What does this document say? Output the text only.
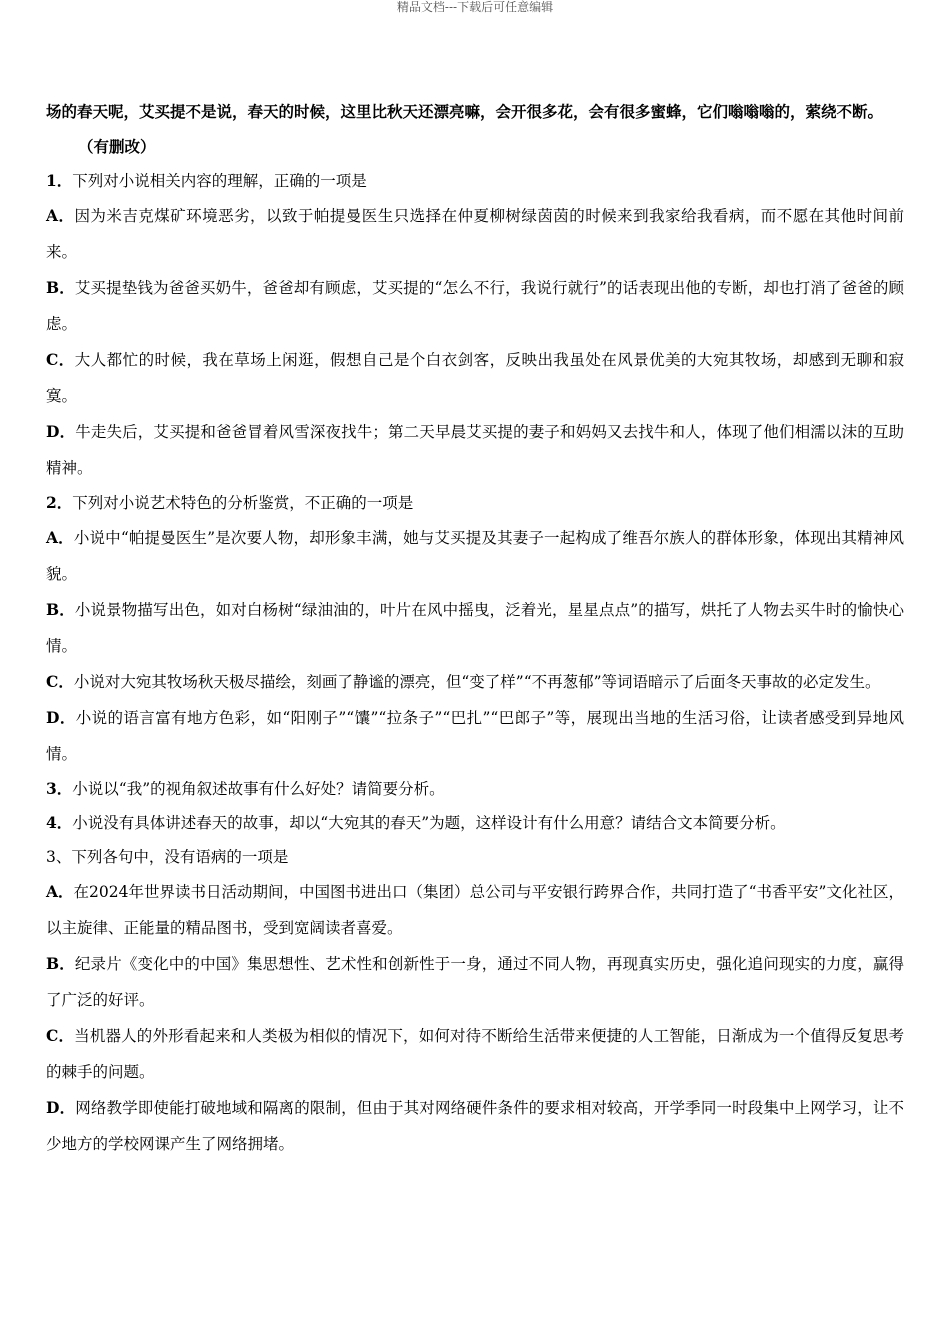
精品文档---下载后可任意编辑

场的春天呢，艾买提不是说，春天的时候，这里比秋天还漂亮嘛，会开很多花，会有很多蜜蜂，它们嗡嗡嗡的，萦绕不断。

（有删改）

1．下列对小说相关内容的理解，正确的一项是

A．因为米吉克煤矿环境恶劣，以致于帕提曼医生只选择在仲夏柳树绿茵茵的时候来到我家给我看病，而不愿在其他时间前来。

B．艾买提垫钱为爸爸买奶牛，爸爸却有顾虑，艾买提的“怎么不行，我说行就行”的话表现出他的专断，却也打消了爸爸的顾虑。

C．大人都忙的时候，我在草场上闲逛，假想自己是个白衣剑客，反映出我虽处在风景优美的大宛其牧场，却感到无聊和寂寞。

D．牛走失后，艾买提和爸爸冒着风雪深夜找牛；第二天早晨艾买提的妻子和妈妈又去找牛和人，体现了他们相濡以沫的互助精神。

2．下列对小说艺术特色的分析鉴赏，不正确的一项是

A．小说中“帕提曼医生”是次要人物，却形象丰满，她与艾买提及其妻子一起构成了维吾尔族人的群体形象，体现出其精神风貌。

B．小说景物描写出色，如对白杨树“绿油油的，叶片在风中摇曳，泛着光，星星点点”的描写，烘托了人物去买牛时的愉快心情。

C．小说对大宛其牧场秋天极尽描绘，刻画了静谧的漂亮，但“变了样”“不再葱郁”等词语暗示了后面冬天事故的必定发生。

D．小说的语言富有地方色彩，如“阳刚子”“馕”“拉条子”“巴扎”“巴郎子”等，展现出当地的生活习俗，让读者感受到异地风情。

3．小说以“我”的视角叙述故事有什么好处？请简要分析。

4．小说没有具体讲述春天的故事，却以“大宛其的春天”为题，这样设计有什么用意？请结合文本简要分析。

3、下列各句中，没有语病的一项是

A．在2024年世界读书日活动期间，中国图书进出口（集团）总公司与平安银行跨界合作，共同打造了“书香平安”文化社区，以主旋律、正能量的精品图书，受到宽阔读者喜爱。

B．纪录片《变化中的中国》集思想性、艺术性和创新性于一身，通过不同人物，再现真实历史，强化追问现实的力度，赢得了广泛的好评。

C．当机器人的外形看起来和人类极为相似的情况下，如何对待不断给生活带来便捷的人工智能，日渐成为一个值得反复思考的棘手的问题。

D．网络教学即使能打破地域和隔离的限制，但由于其对网络硬件条件的要求相对较高，开学季同一时段集中上网学习，让不少地方的学校网课产生了网络拥堵。
